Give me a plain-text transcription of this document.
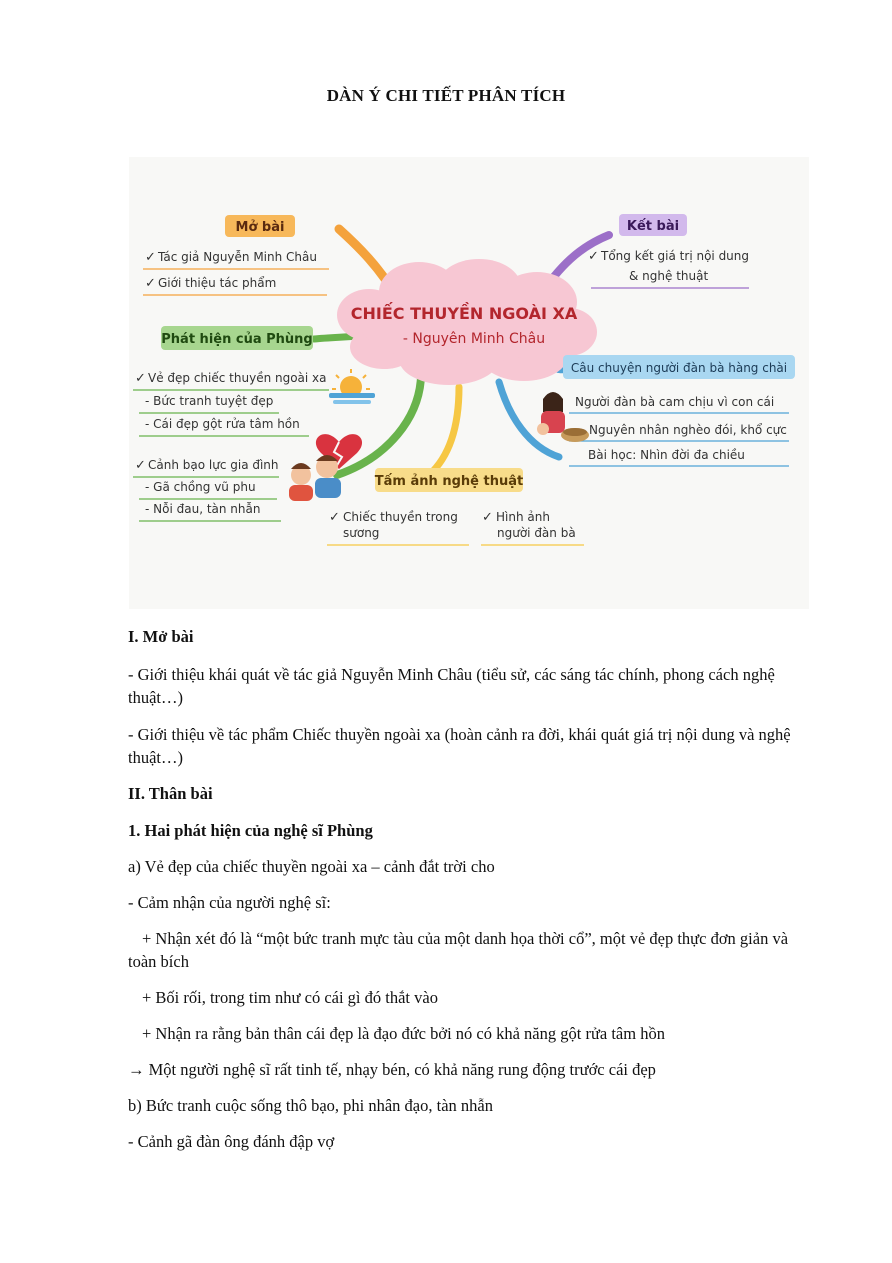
DÀN Ý CHI TIẾT PHÂN TÍCH
CHIẾC THUYỀN NGOÀI XA
- Nguyên Minh Châu
Mở bài
✓ Tác giả Nguyễn Minh Châu
✓ Giới thiệu tác phẩm
Kết bài
✓ Tổng kết giá trị nội dung
& nghệ thuật
Phát hiện của Phùng
✓ Vẻ đẹp chiếc thuyền ngoài xa
- Bức tranh tuyệt đẹp
- Cái đẹp gột rửa tâm hồn
✓ Cảnh bạo lực gia đình
- Gã chồng vũ phu
- Nỗi đau, tàn nhẫn
Câu chuyện người đàn bà hàng chài
Người đàn bà cam chịu vì con cái
Nguyên nhân nghèo đói, khổ cực
Bài học: Nhìn đời đa chiều
Tấm ảnh nghệ thuật
✓ Chiếc thuyền trong
sương
✓ Hình ảnh
người đàn bà

I. Mở bài

- Giới thiệu khái quát về tác giả Nguyễn Minh Châu (tiểu sử, các sáng tác chính, phong cách nghệ thuật…)

- Giới thiệu về tác phẩm Chiếc thuyền ngoài xa (hoàn cảnh ra đời, khái quát giá trị nội dung và nghệ thuật…)

II. Thân bài

1. Hai phát hiện của nghệ sĩ Phùng

a) Vẻ đẹp của chiếc thuyền ngoài xa – cảnh đắt trời cho

- Cảm nhận của người nghệ sĩ:

+ Nhận xét đó là “một bức tranh mực tàu của một danh họa thời cổ”, một vẻ đẹp thực đơn giản và toàn bích

+ Bối rối, trong tim như có cái gì đó thắt vào

+ Nhận ra rằng bản thân cái đẹp là đạo đức bởi nó có khả năng gột rửa tâm hồn

→ Một người nghệ sĩ rất tinh tế, nhạy bén, có khả năng rung động trước cái đẹp

b) Bức tranh cuộc sống thô bạo, phi nhân đạo, tàn nhẫn

- Cảnh gã đàn ông đánh đập vợ
